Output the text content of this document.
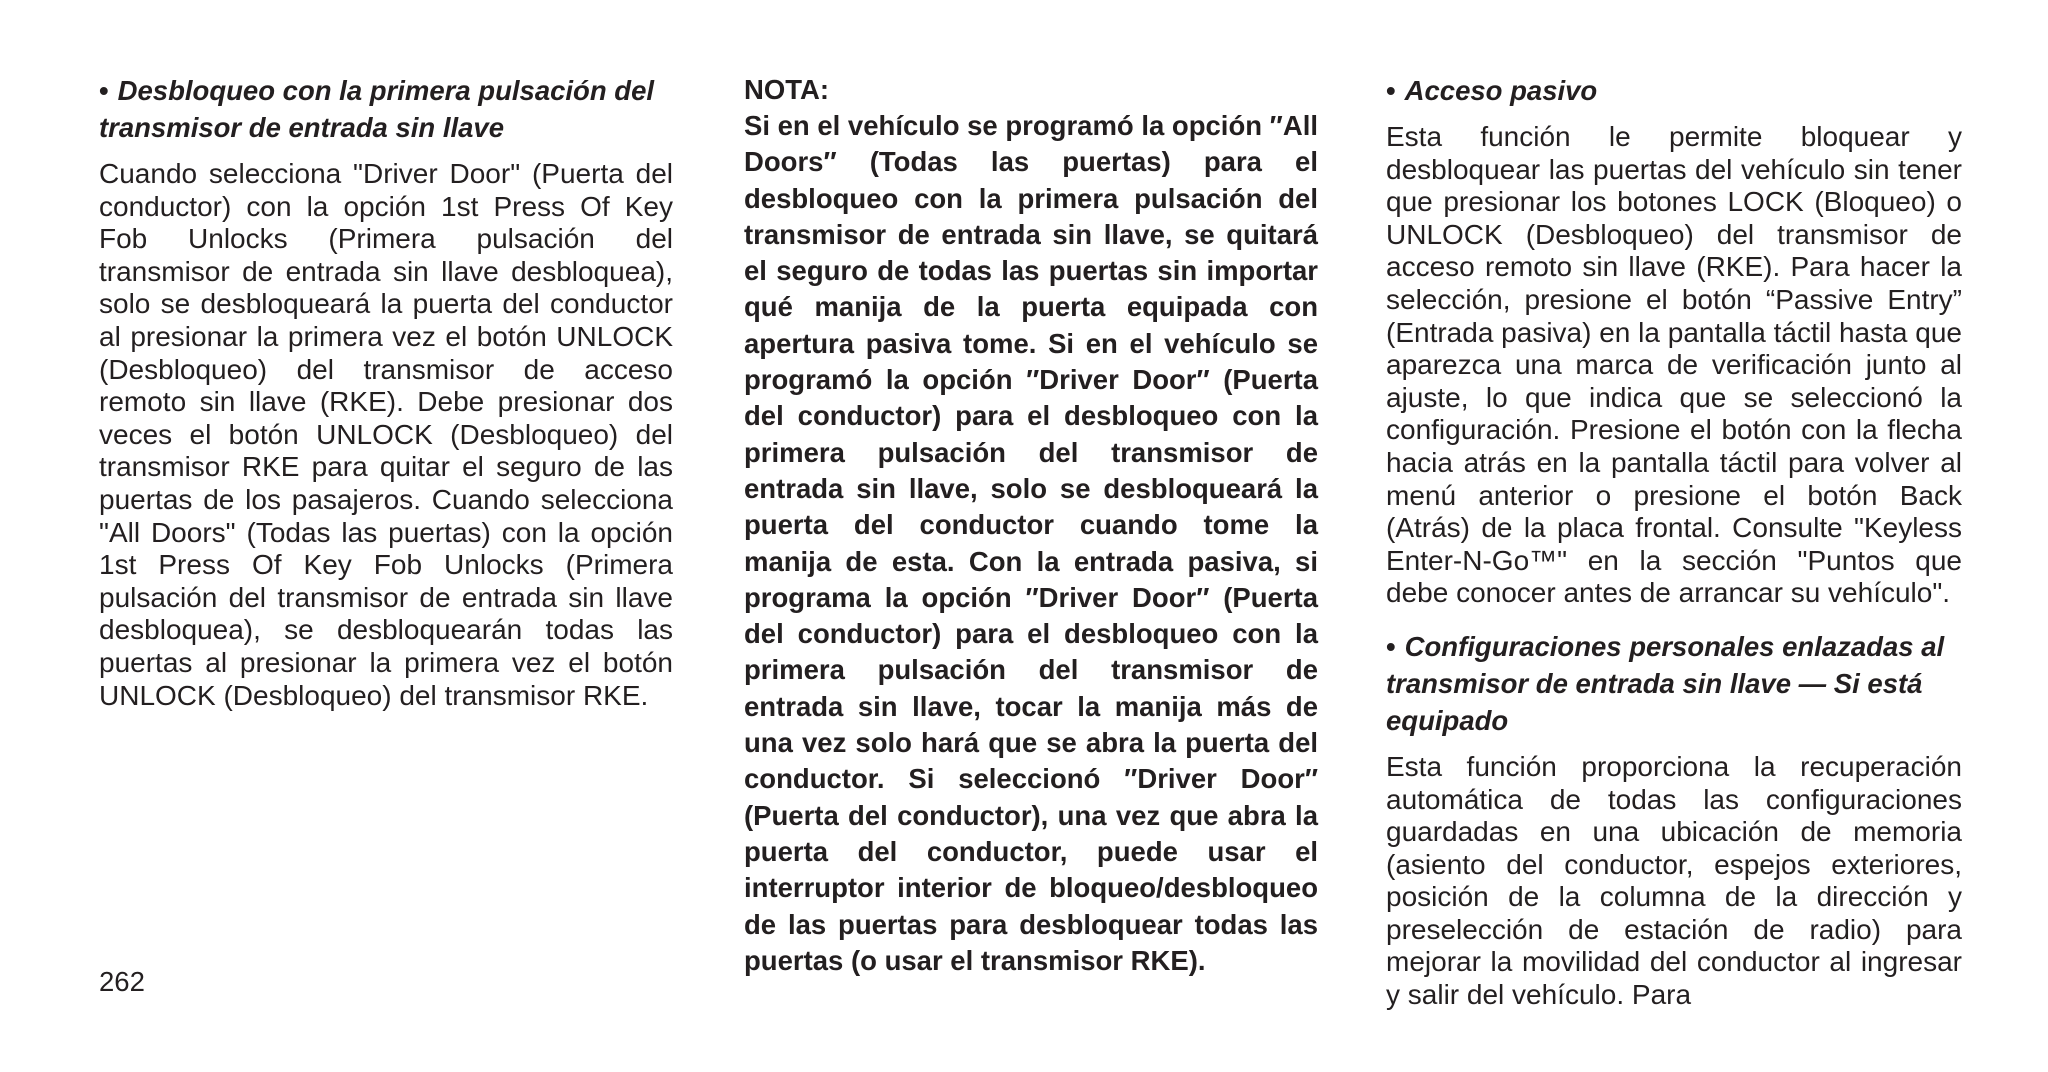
• Desbloqueo con la primera pulsación del transmisor de entrada sin llave

Cuando selecciona "Driver Door" (Puerta del conductor) con la opción 1st Press Of Key Fob Unlocks (Primera pulsación del transmisor de entrada sin llave desbloquea), solo se desbloqueará la puerta del conductor al presionar la primera vez el botón UNLOCK (Desbloqueo) del transmisor de acceso remoto sin llave (RKE). Debe presionar dos veces el botón UNLOCK (Desbloqueo) del transmisor RKE para quitar el seguro de las puertas de los pasajeros. Cuando selecciona "All Doors" (Todas las puertas) con la opción 1st Press Of Key Fob Unlocks (Primera pulsación del transmisor de entrada sin llave desbloquea), se desbloquearán todas las puertas al presionar la primera vez el botón UNLOCK (Desbloqueo) del transmisor RKE.

NOTA:

Si en el vehículo se programó la opción ″All Doors″ (Todas las puertas) para el desbloqueo con la primera pulsación del transmisor de entrada sin llave, se quitará el seguro de todas las puertas sin importar qué manija de la puerta equipada con apertura pasiva tome. Si en el vehículo se programó la opción ″Driver Door″ (Puerta del conductor) para el desbloqueo con la primera pulsación del transmisor de entrada sin llave, solo se desbloqueará la puerta del conductor cuando tome la manija de esta. Con la entrada pasiva, si programa la opción ″Driver Door″ (Puerta del conductor) para el desbloqueo con la primera pulsación del transmisor de entrada sin llave, tocar la manija más de una vez solo hará que se abra la puerta del conductor. Si seleccionó ″Driver Door″ (Puerta del conductor), una vez que abra la puerta del conductor, puede usar el interruptor interior de bloqueo/desbloqueo de las puertas para desbloquear todas las puertas (o usar el transmisor RKE).

• Acceso pasivo

Esta función le permite bloquear y desbloquear las puertas del vehículo sin tener que presionar los botones LOCK (Bloqueo) o UNLOCK (Desbloqueo) del transmisor de acceso remoto sin llave (RKE). Para hacer la selección, presione el botón “Passive Entry” (Entrada pasiva) en la pantalla táctil hasta que aparezca una marca de verificación junto al ajuste, lo que indica que se seleccionó la configuración. Presione el botón con la flecha hacia atrás en la pantalla táctil para volver al menú anterior o presione el botón Back (Atrás) de la placa frontal. Consulte "Keyless Enter-N-Go™" en la sección "Puntos que debe conocer antes de arrancar su vehículo".

• Configuraciones personales enlazadas al transmisor de entrada sin llave — Si está equipado

Esta función proporciona la recuperación automática de todas las configuraciones guardadas en una ubicación de memoria (asiento del conductor, espejos exteriores, posición de la columna de la dirección y preselección de estación de radio) para mejorar la movilidad del conductor al ingresar y salir del vehículo. Para

262
